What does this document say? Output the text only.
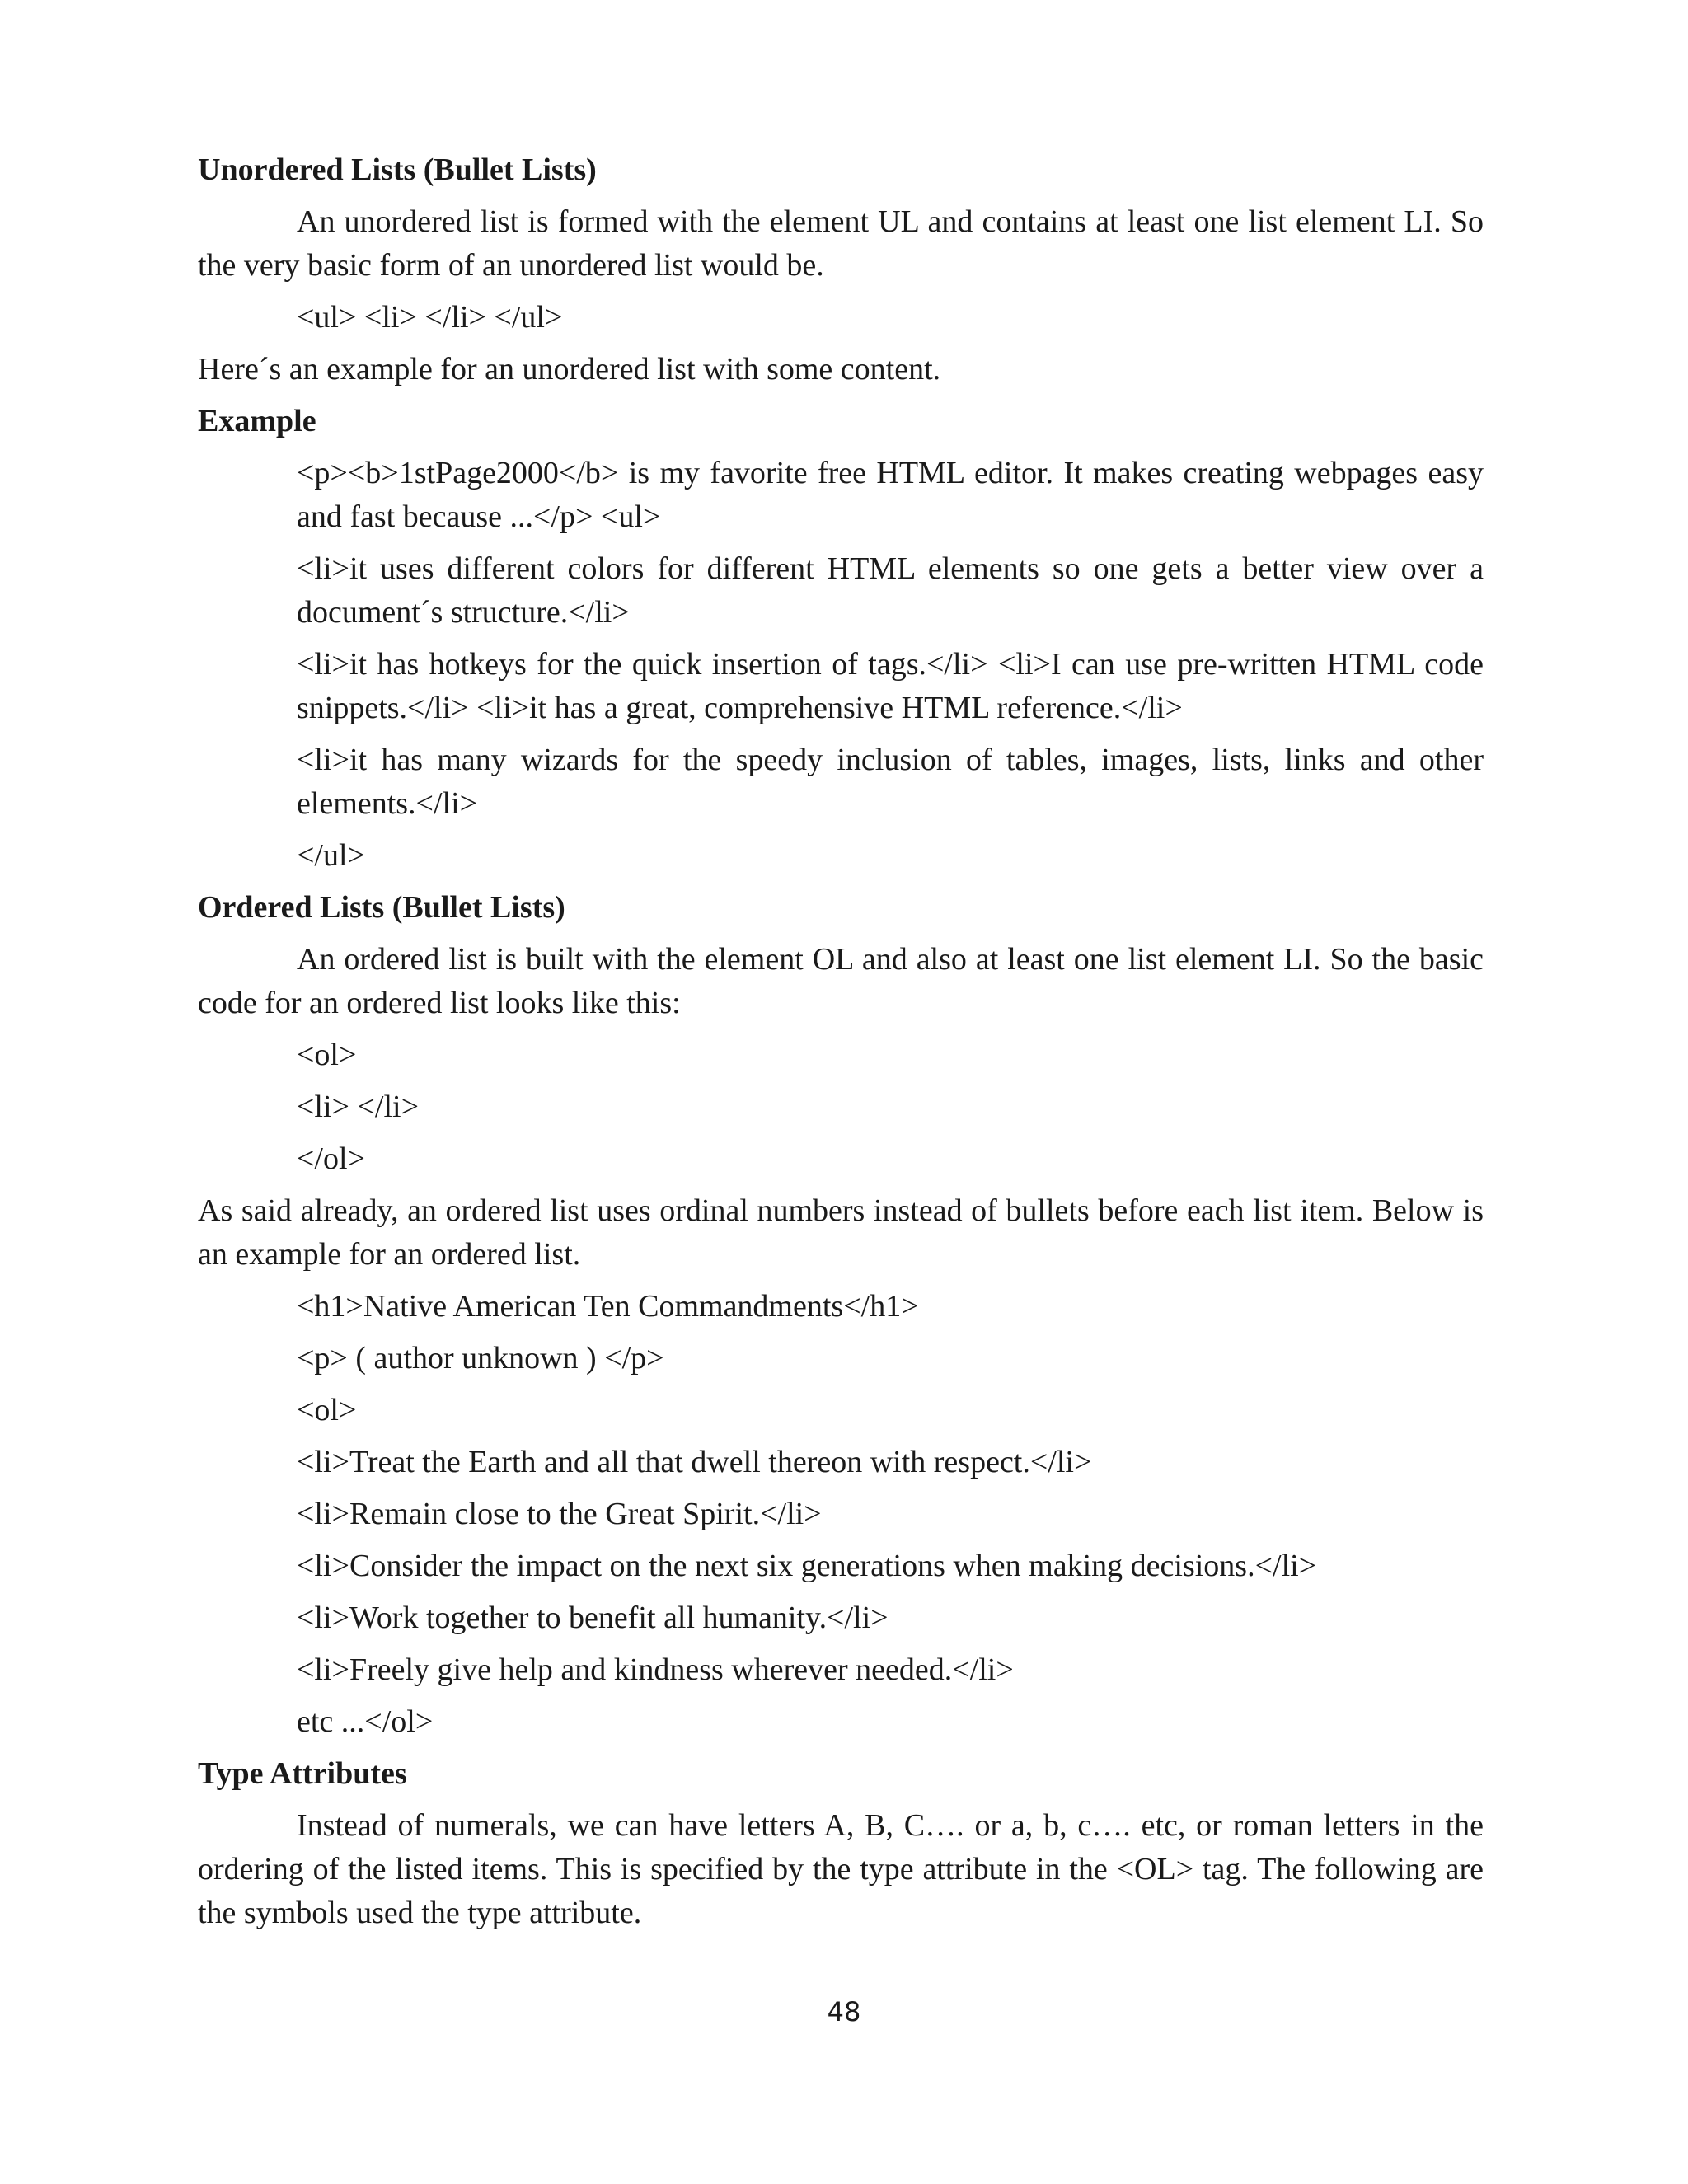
Unordered Lists (Bullet Lists)

An unordered list is formed with the element UL and contains at least one list element LI. So the very basic form of an unordered list would be.

<ul> <li> </li> </ul>

Here´s an example for an unordered list with some content.

Example
<p><b>1stPage2000</b> is my favorite free HTML editor. It makes creating webpages easy and fast because ...</p> <ul>
<li>it uses different colors for different HTML elements so one gets a better view over a document´s structure.</li>
<li>it has hotkeys for the quick insertion of tags.</li> <li>I can use pre-written HTML code snippets.</li> <li>it has a great, comprehensive HTML reference.</li>
<li>it has many wizards for the speedy inclusion of tables, images, lists, links and other elements.</li>
</ul>
Ordered Lists (Bullet Lists)

An ordered list is built with the element OL and also at least one list element LI. So the basic code for an ordered list looks like this:

<ol>
<li> </li>
</ol>

As said already, an ordered list uses ordinal numbers instead of bullets before each list item. Below is an example for an ordered list.

<h1>Native American Ten Commandments</h1>
<p> ( author unknown ) </p>
<ol>
<li>Treat the Earth and all that dwell thereon with respect.</li>
<li>Remain close to the Great Spirit.</li>
<li>Consider the impact on the next six generations when making decisions.</li>
<li>Work together to benefit all humanity.</li>
<li>Freely give help and kindness wherever needed.</li>
etc ...</ol>
Type Attributes

Instead of numerals, we can have letters A, B, C…. or a, b, c…. etc, or roman letters in the ordering of the listed items. This is specified by the type attribute in the <OL> tag. The following are the symbols used the type attribute.

48
